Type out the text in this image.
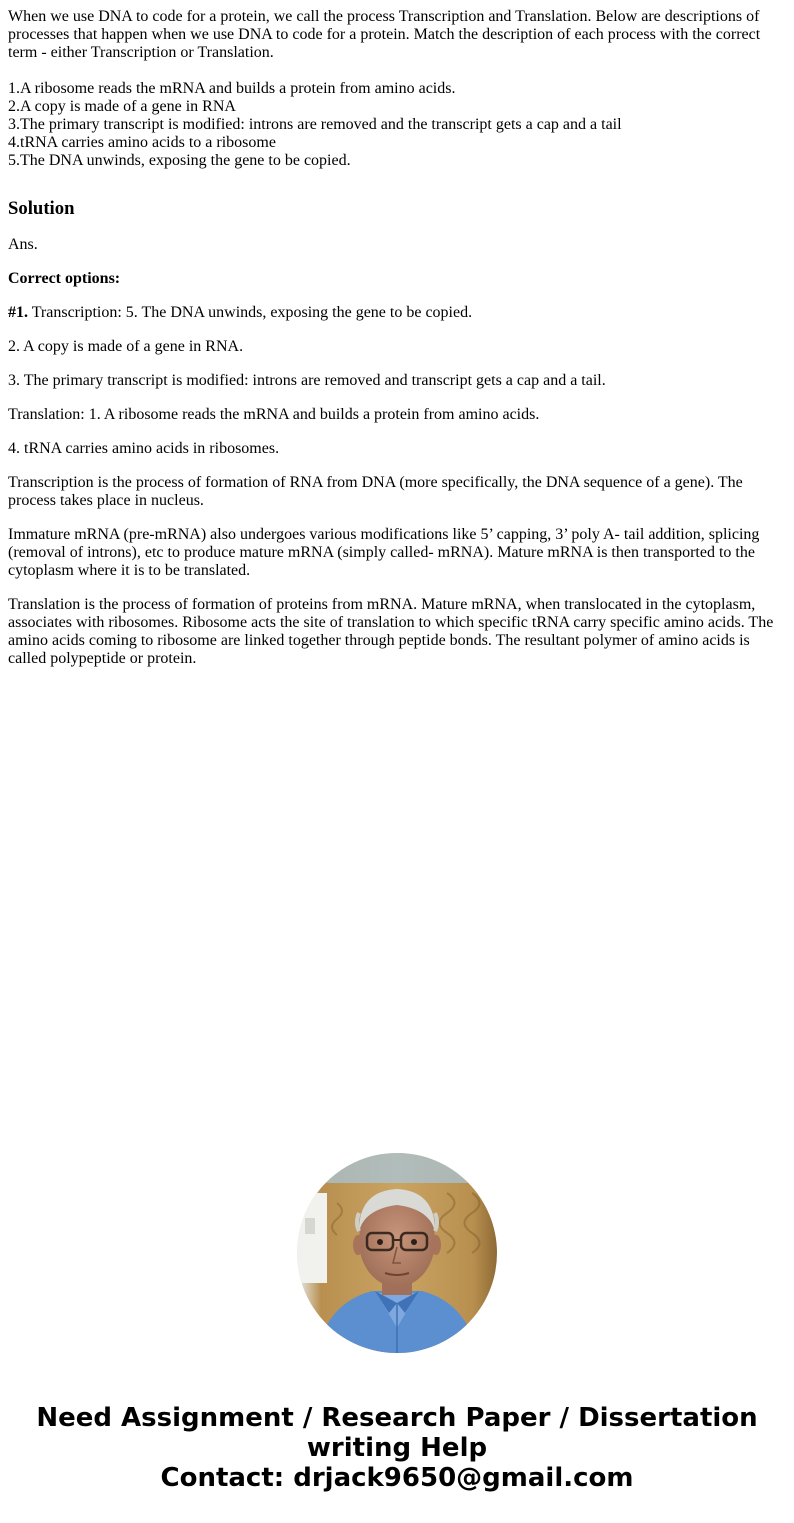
When we use DNA to code for a protein, we call the process Transcription and Translation. Below are descriptions of processes that happen when we use DNA to code for a protein. Match the description of each process with the correct term - either Transcription or Translation.

1.A ribosome reads the mRNA and builds a protein from amino acids.
2.A copy is made of a gene in RNA
3.The primary transcript is modified: introns are removed and the transcript gets a cap and a tail
4.tRNA carries amino acids to a ribosome
5.The DNA unwinds, exposing the gene to be copied.
Solution

Ans.

Correct options:

#1. Transcription: 5. The DNA unwinds, exposing the gene to be copied.

2. A copy is made of a gene in RNA.

3. The primary transcript is modified: introns are removed and transcript gets a cap and a tail.

Translation: 1. A ribosome reads the mRNA and builds a protein from amino acids.

4. tRNA carries amino acids in ribosomes.

Transcription is the process of formation of RNA from DNA (more specifically, the DNA sequence of a gene). The process takes place in nucleus.

Immature mRNA (pre-mRNA) also undergoes various modifications like 5’ capping, 3’ poly A- tail addition, splicing (removal of introns), etc to produce mature mRNA (simply called- mRNA). Mature mRNA is then transported to the cytoplasm where it is to be translated.

Translation is the process of formation of proteins from mRNA. Mature mRNA, when translocated in the cytoplasm, associates with ribosomes. Ribosome acts the site of translation to which specific tRNA carry specific amino acids. The amino acids coming to ribosome are linked together through peptide bonds. The resultant polymer of amino acids is called polypeptide or protein.

Need Assignment / Research Paper / Dissertation
writing Help
Contact: drjack9650@gmail.com
